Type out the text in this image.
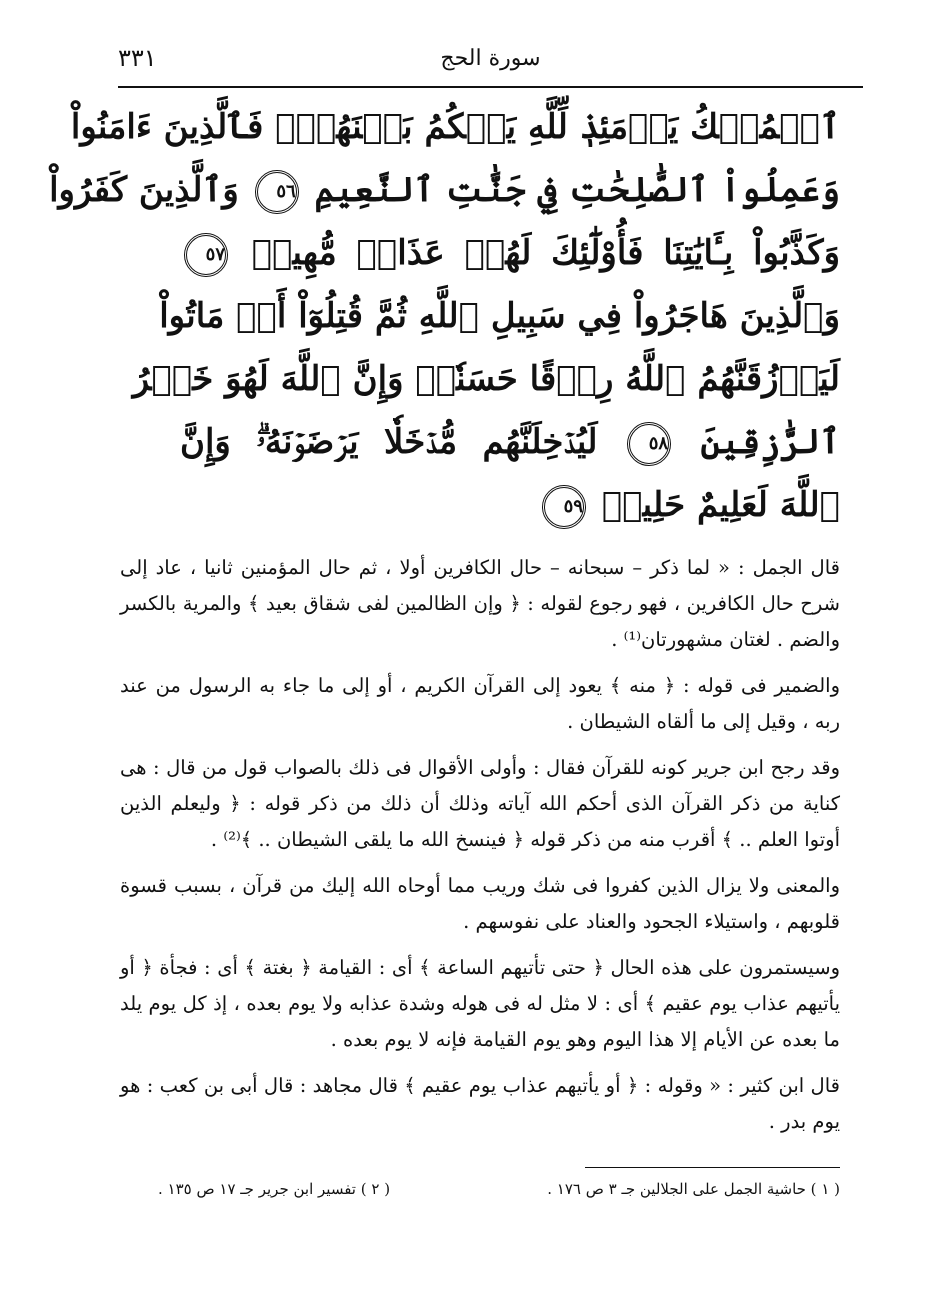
سورة الحج
٣٣١
ٱلۡمُلۡكُ يَوۡمَئِذٖ لِّلَّهِ يَحۡكُمُ بَيۡنَهُمۡۚ فَٱلَّذِينَ ءَامَنُواْ
وَعَمِلُواْ ٱلصَّٰلِحَٰتِ فِي جَنَّٰتِ ٱلنَّعِيمِ ٥٦ وَٱلَّذِينَ كَفَرُواْ
وَكَذَّبُواْ بِـَٔايَٰتِنَا فَأُوْلَٰٓئِكَ لَهُمۡ عَذَابٞ مُّهِينٞ ٥٧
وَٱلَّذِينَ هَاجَرُواْ فِي سَبِيلِ ٱللَّهِ ثُمَّ قُتِلُوٓاْ أَوۡ مَاتُواْ
لَيَرۡزُقَنَّهُمُ ٱللَّهُ رِزۡقًا حَسَنٗاۚ وَإِنَّ ٱللَّهَ لَهُوَ خَيۡرُ
ٱلرَّٰزِقِينَ ٥٨ لَيُدۡخِلَنَّهُم مُّدۡخَلٗا يَرۡضَوۡنَهُۥۗ وَإِنَّ
ٱللَّهَ لَعَلِيمٌ حَلِيمٞ ٥٩

قال الجمل : « لما ذكر – سبحانه – حال الكافرين أولا ، ثم حال المؤمنين ثانيا ، عاد إلى شرح حال الكافرين ، فهو رجوع لقوله : ﴿ وإن الظالمين لفى شقاق بعيد ﴾ والمرية بالكسر والضم . لغتان مشهورتان⁽¹⁾ .

والضمير فى قوله : ﴿ منه ﴾ يعود إلى القرآن الكريم ، أو إلى ما جاء به الرسول من عند ربه ، وقيل إلى ما ألقاه الشيطان .

وقد رجح ابن جرير كونه للقرآن فقال : وأولى الأقوال فى ذلك بالصواب قول من قال : هى كناية من ذكر القرآن الذى أحكم الله آياته وذلك أن ذلك من ذكر قوله : ﴿ وليعلم الذين أوتوا العلم .. ﴾ أقرب منه من ذكر قوله ﴿ فينسخ الله ما يلقى الشيطان .. ﴾⁽²⁾ .

والمعنى ولا يزال الذين كفروا فى شك وريب مما أوحاه الله إليك من قرآن ، بسبب قسوة قلوبهم ، واستيلاء الجحود والعناد على نفوسهم .

وسيستمرون على هذه الحال ﴿ حتى تأتيهم الساعة ﴾ أى : القيامة ﴿ بغتة ﴾ أى : فجأة ﴿ أو يأتيهم عذاب يوم عقيم ﴾ أى : لا مثل له فى هوله وشدة عذابه ولا يوم بعده ، إذ كل يوم يلد ما بعده عن الأيام إلا هذا اليوم وهو يوم القيامة فإنه لا يوم بعده .

قال ابن كثير : « وقوله : ﴿ أو يأتيهم عذاب يوم عقيم ﴾ قال مجاهد : قال أبى بن كعب : هو يوم بدر .

( ١ ) حاشية الجمل على الجلالين جـ ٣ ص ١٧٦ .
( ٢ ) تفسير ابن جرير جـ ١٧ ص ١٣٥ .
